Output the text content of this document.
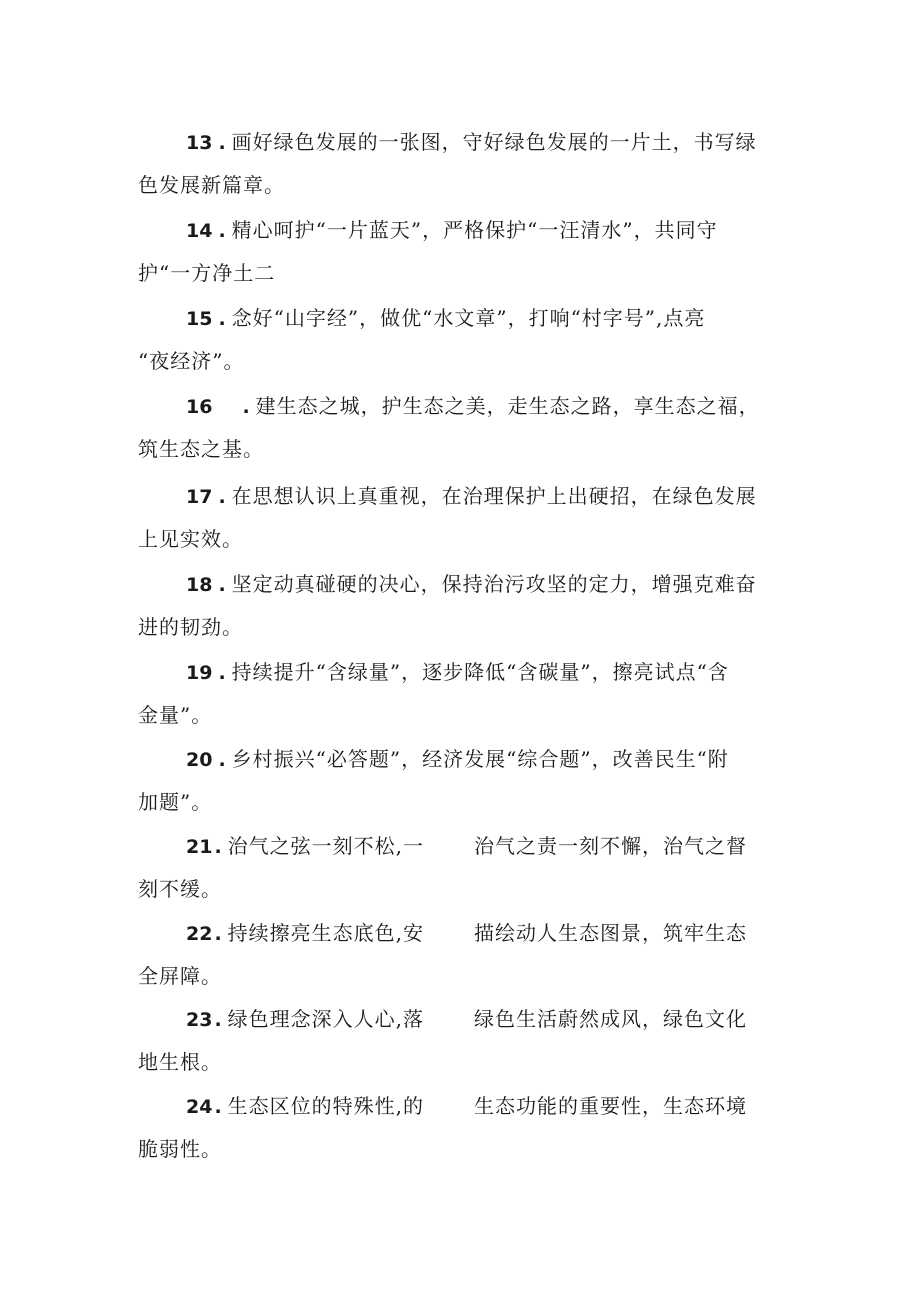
13 . 画好绿色发展的一张图，守好绿色发展的一片土，书写绿
色发展新篇章。
14 . 精心呵护“一片蓝天”，严格保护“一汪清水”，共同守
护“一方净土二
15 . 念好“山字经”，做优“水文章”，打响“村字号”,点亮
“夜经济”。
16 . 建生态之城，护生态之美，走生态之路，享生态之福，
筑生态之基。
17 . 在思想认识上真重视，在治理保护上出硬招，在绿色发展
上见实效。
18 . 坚定动真碰硬的决心，保持治污攻坚的定力，增强克难奋
进的韧劲。
19 . 持续提升“含绿量”，逐步降低“含碳量”，擦亮试点“含
金量”。
20 . 乡村振兴“必答题”，经济发展“综合题”，改善民生“附
加题”。
21 . 治气之弦一刻不松,一 治气之责一刻不懈，治气之督
刻不缓。
22 . 持续擦亮生态底色,安 描绘动人生态图景，筑牢生态
全屏障。
23 . 绿色理念深入人心,落 绿色生活蔚然成风，绿色文化
地生根。
24 . 生态区位的特殊性,的 生态功能的重要性，生态环境
脆弱性。
